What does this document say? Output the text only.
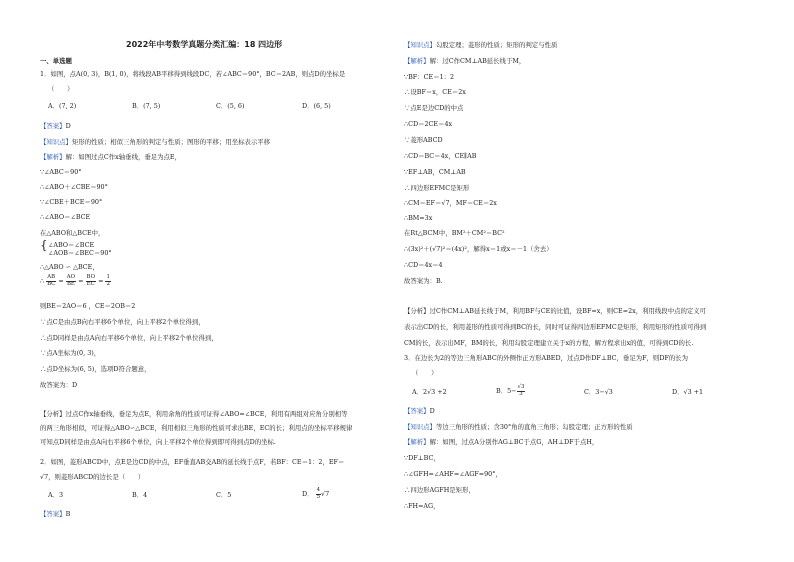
2022年中考数学真题分类汇编：18 四边形
一、单选题
1．如图，点A(0, 3)，B(1, 0)，将线段AB平移得到线段DC，若∠ABC＝90°，BC＝2AB，则点D的坐标是
（　　）
A．(7, 2)	B．(7, 5)	C．(5, 6)	D．(6, 5)
【答案】D
【知识点】矩形的性质；相似三角形的判定与性质；图形的平移；用坐标表示平移
【解析】解：如图过点C作x轴垂线，垂足为点E，
∵∠ABC＝90°
∴∠ABO＋∠CBE＝90°
∵∠CBE＋BCE＝90°
∴∠ABO＝∠BCE
在△ABO和△BCE中，
{ ∠ABO＝∠BCE
∠AOB＝∠BEC＝90°
∴△ABO ∽ △BCE，
∴ $\frac{AB}{BC} = \frac{AO}{BE} = \frac{BO}{EC} = \frac{1}{2}$
则BE＝2AO＝6 ，CE＝2OB＝2
∵点C是由点B向右平移6个单位，向上平移2个单位得到，
∴点D同样是由点A向右平移6个单位，向上平移2个单位得到，
∵点A坐标为(0, 3)，
∴点D坐标为(6, 5)，选项D符合题意，
故答案为：D
【分析】过点C作x轴垂线，垂足为点E，利用余角的性质可证得∠ABO=∠BCE，利用有两组对应角分别相等
的两三角形相似，可证得△ABO∽△BCE，利用相似三角形的性质可求出BE，EC的长；利用点的坐标平移规律
可知点D同样是由点A向右平移6个单位，向上平移2个单位得到即可得到点D的坐标.
2．如图，菱形ABCD中，点E是边CD的中点，EF垂直AB交AB的延长线于点F，若BF：CE＝1：2，EF＝
√7，则菱形ABCD的边长是（　　）
A．3	B．4	C．5	D． $\frac{4}{5} √7$
【答案】B
【知识点】勾股定理；菱形的性质；矩形的判定与性质
【解析】解：过C作CM⊥AB延长线于M，
∵BF：CE＝1：2
∴设BF＝x，CE＝2x
∵点E是边CD的中点
∴CD＝2CE＝4x
∵菱形ABCD
∴CD＝BC＝4x，CE∥AB
∵EF⊥AB，CM⊥AB
∴四边形EFMC是矩形
∴CM＝EF＝√7，MF＝CE＝2x
∴BM=3x
在Rt△BCM中，BM²＋CM²＝BC²
∴(3x)²＋(√7)²＝(4x)²，解得x＝1或x＝－1（舍去）
∴CD＝4x＝4
故答案为：B.
【分析】过C作CM⊥AB延长线于M，利用BF与CE的比值，设BF=x，则CE=2x，利用线段中点的定义可
表示出CD的长，利用菱形的性质可得到BC的长，同时可证得四边形EFMC是矩形，利用矩形的性质可得到
CM的长，表示出MF，BM的长，利用勾股定理建立关于x的方程，解方程求出x的值，可得到CD的长.
3．在边长为2的等边三角形ABC的外侧作正方形ABED，过点D作DF⊥BC，垂足为F，则DF的长为
（　　）
A．2√3 +2	B．$5- \frac{√3}{3}$	C．3−√3	D．√3 +1
【答案】D
【知识点】等边三角形的性质；含30°角的直角三角形；勾股定理；正方形的性质
【解析】解：如图，过点A分别作AG⊥BC于点G，AH⊥DF于点H，
∵DF⊥BC，
∴∠GFH=∠AHF=∠AGF=90°，
∴四边形AGFH是矩形，
∴FH=AG，
